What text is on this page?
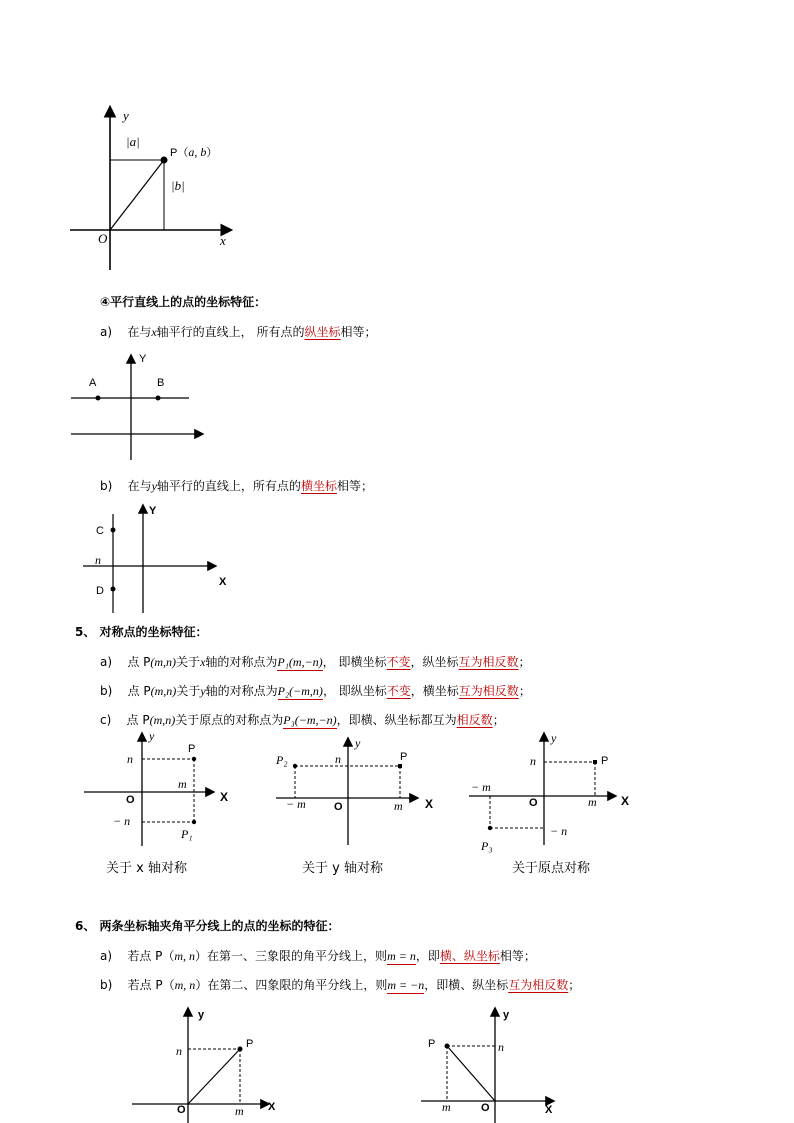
y
x
O
|a|
|b|
P（a, b）
④平行直线上的点的坐标特征：
a) 在与x轴平行的直线上， 所有点的纵坐标相等；
Y
A	B
b) 在与y轴平行的直线上，所有点的横坐标相等；
Y
X
C
n
D
5、 对称点的坐标特征：
a) 点 P(m,n)关于x轴的对称点为P₁(m,−n)， 即横坐标不变，纵坐标互为相反数；
b) 点 P(m,n)关于y轴的对称点为P₂(−m,n)， 即纵坐标不变，横坐标互为相反数；
c) 点 P(m,n)关于原点的对称点为P₃(−m,−n)，即横、纵坐标都互为相反数；
y
X
O
P
n
m
− n
P₁
关于 x 轴对称
y
X
O
P
P₂	n
− m	m
关于 y 轴对称
y
X
O
P
n
m
− m
− n
P₃
关于原点对称
6、 两条坐标轴夹角平分线上的点的坐标的特征：
a) 若点 P（m, n）在第一、三象限的角平分线上，则m = n，即横、纵坐标相等；
b) 若点 P（m, n）在第二、四象限的角平分线上，则m = −n，即横、纵坐标互为相反数；
y
X
O
P
n
m
y
X
O
P	n
m
